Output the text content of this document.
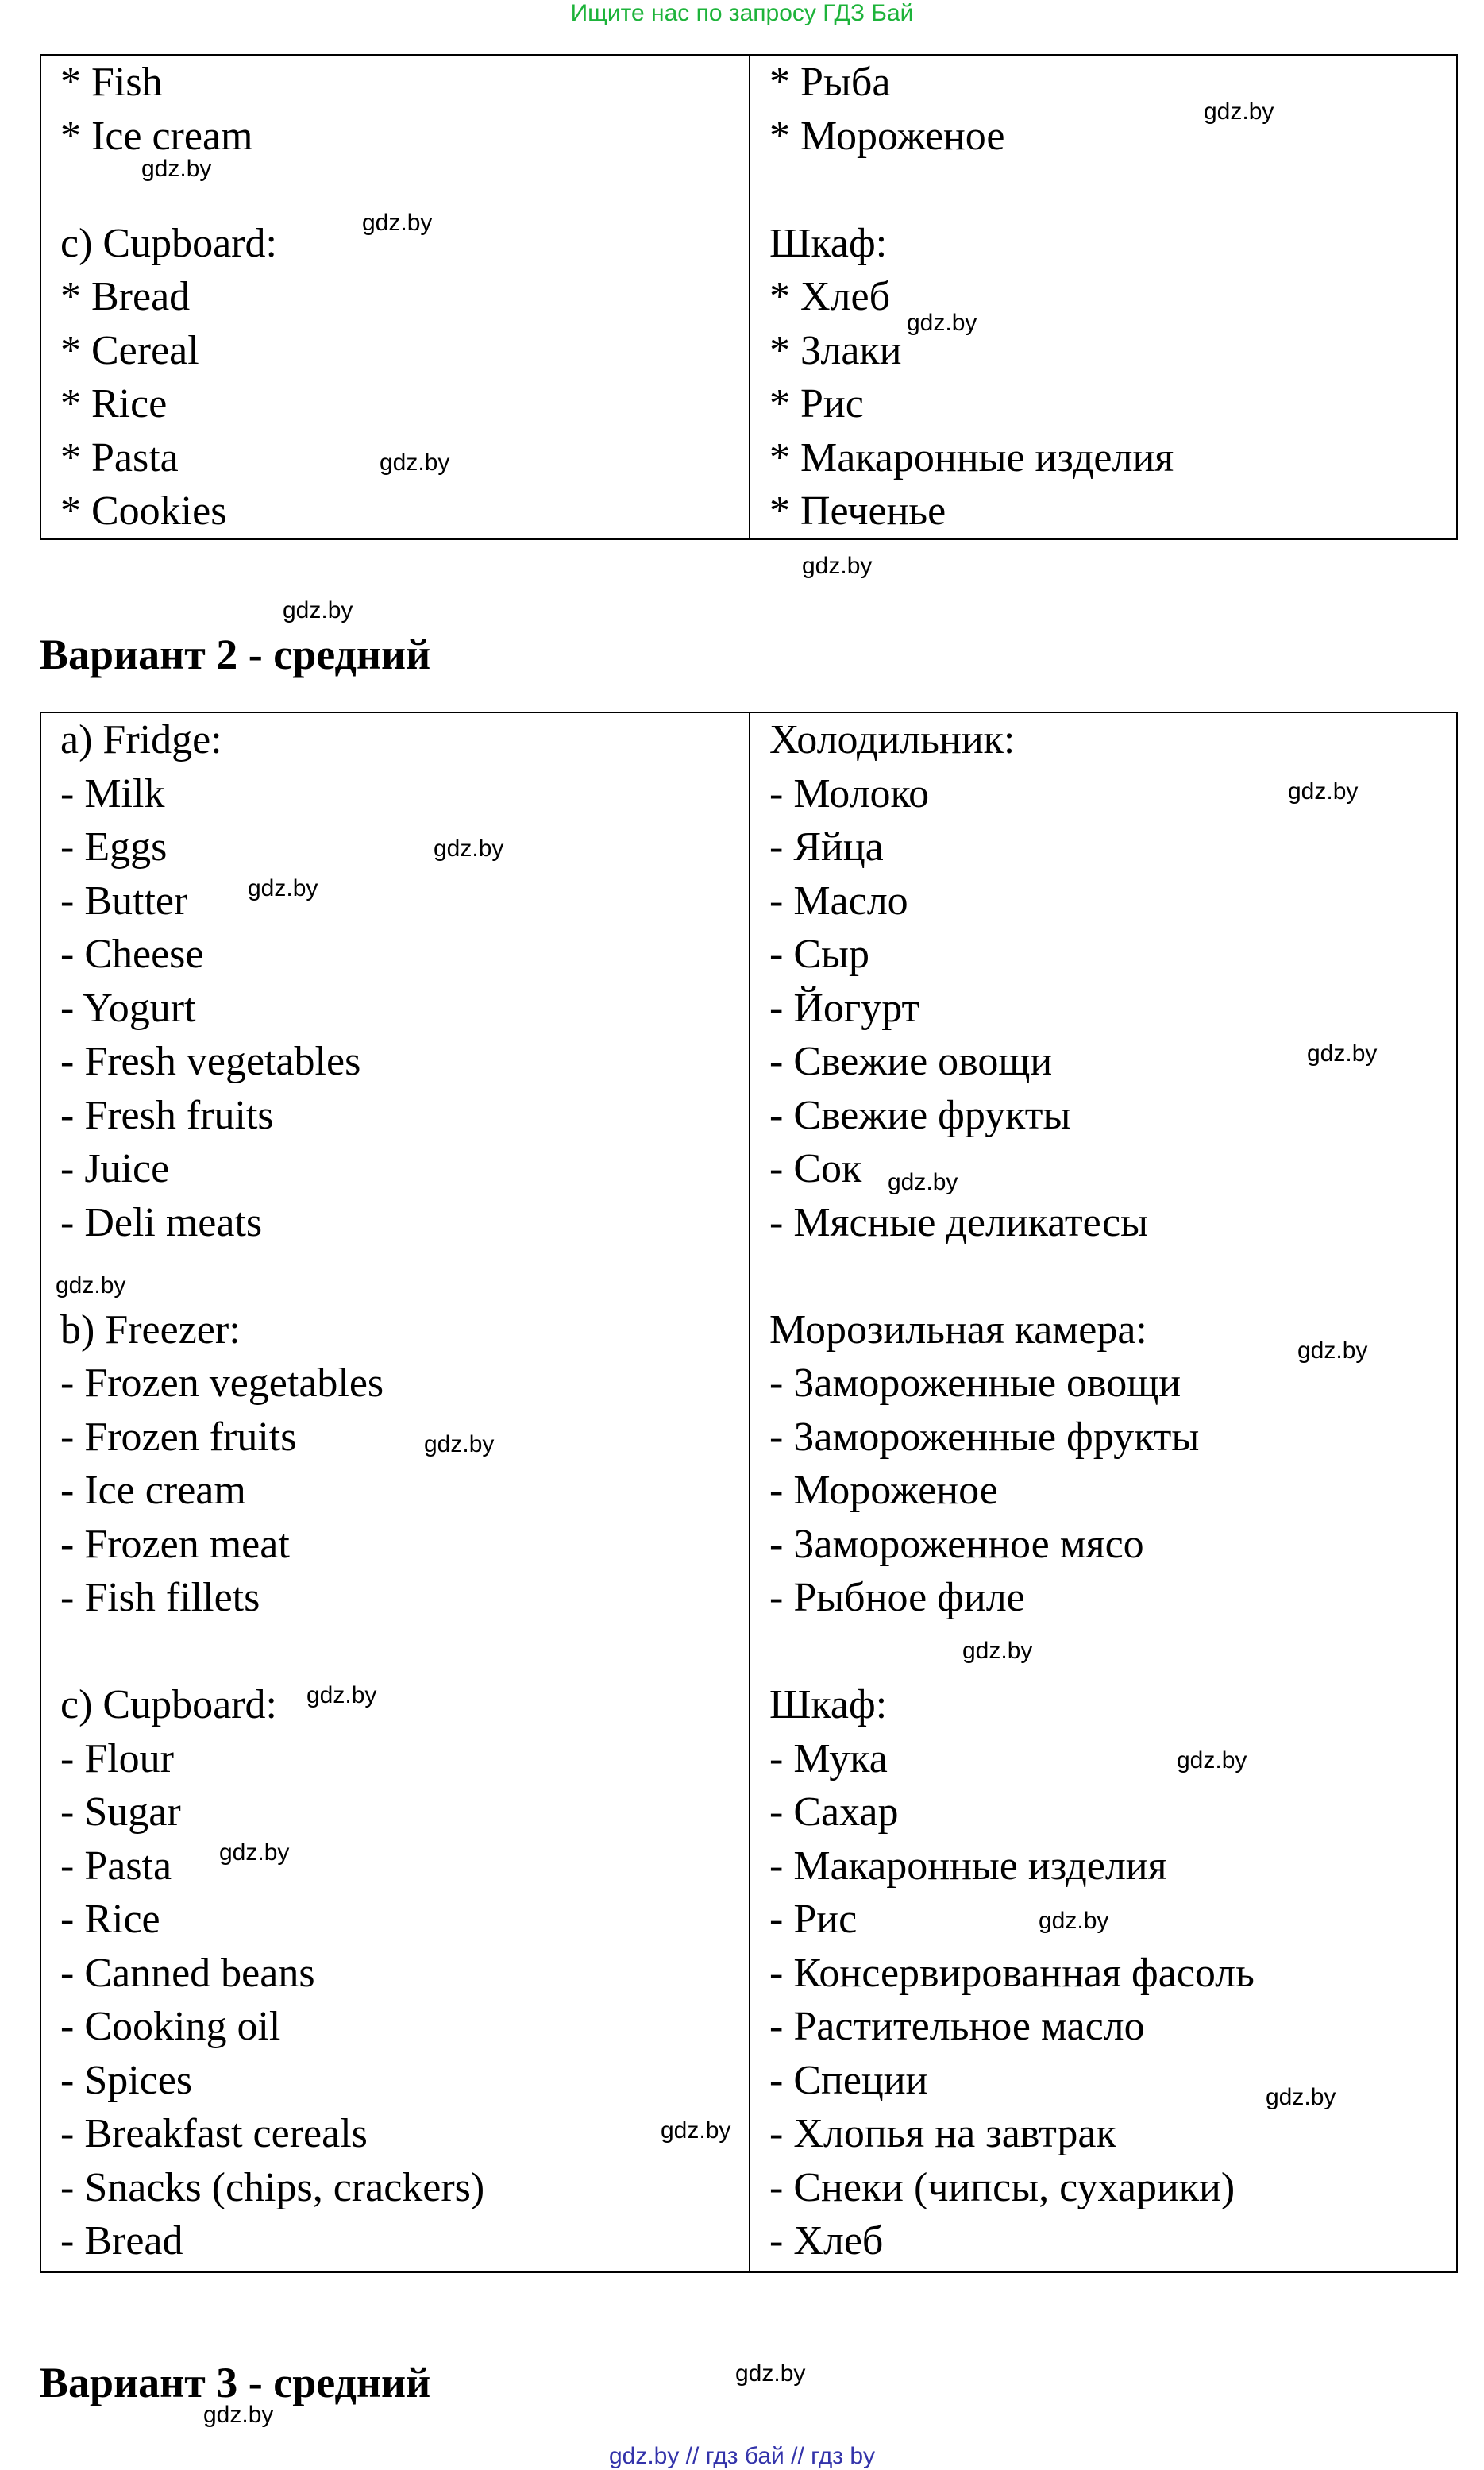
Ищите нас по запросу ГДЗ Бай
* Fish
* Ice cream
c) Cupboard:
* Bread
* Cereal
* Rice
* Pasta
* Cookies
* Рыба
* Мороженое
Шкаф:
* Хлеб
* Злаки
* Рис
* Макаронные изделия
* Печенье
Вариант 2 - средний
a) Fridge:
- Milk
- Eggs
- Butter
- Cheese
- Yogurt
- Fresh vegetables
- Fresh fruits
- Juice
- Deli meats
b) Freezer:
- Frozen vegetables
- Frozen fruits
- Ice cream
- Frozen meat
- Fish fillets
c) Cupboard:
- Flour
- Sugar
- Pasta
- Rice
- Canned beans
- Cooking oil
- Spices
- Breakfast cereals
- Snacks (chips, crackers)
- Bread
Холодильник:
- Молоко
- Яйца
- Масло
- Сыр
- Йогурт
- Свежие овощи
- Свежие фрукты
- Сок
- Мясные деликатесы
Морозильная камера:
- Замороженные овощи
- Замороженные фрукты
- Мороженое
- Замороженное мясо
- Рыбное филе
Шкаф:
- Мука
- Сахар
- Макаронные изделия
- Рис
- Консервированная фасоль
- Растительное масло
- Специи
- Хлопья на завтрак
- Снеки (чипсы, сухарики)
- Хлеб
Вариант 3 - средний
gdz.by
gdz.by
gdz.by
gdz.by
gdz.by
gdz.by
gdz.by
gdz.by
gdz.by
gdz.by
gdz.by
gdz.by
gdz.by
gdz.by
gdz.by
gdz.by
gdz.by
gdz.by
gdz.by
gdz.by
gdz.by
gdz.by
gdz.by
gdz.by
gdz.by // гдз бай // гдз by
